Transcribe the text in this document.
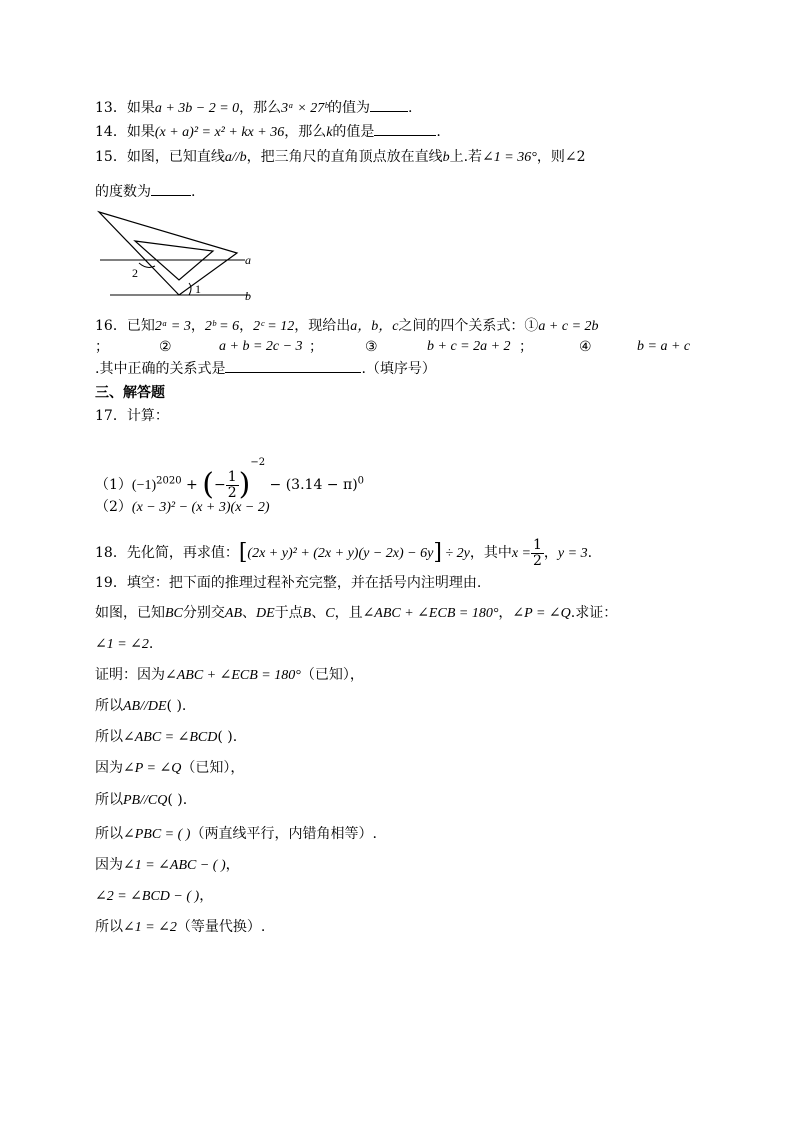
13．如果a + 3b − 2 = 0，那么3ᵃ × 27ᵇ的值为	.
14．如果(x + a)² = x² + kx + 36，那么k的值是	.
15．如图，已知直线a//b，把三角尺的直角顶点放在直线b上.若∠1 = 36°，则∠2
的度数为	.
a
b
1
2
16．已知2ᵃ = 3，2ᵇ = 6，2ᶜ = 12，现给出a，b，c之间的四个关系式：①a + c = 2b
；	②	a + b = 2c − 3 ；	③	b + c = 2a + 2 ；	④	b = a + c
.其中正确的关系式是	.（填序号）
三、解答题
17．计算：
$(1)(-1)^{2020}$ + (− $\frac{1}{2} )^{-2} - (3.14 - \pi)^0$
（2）(x − 3)² − (x + 3)(x − 2)
18．先化简，再求值：[(2x + y)² + (2x + y)(y − 2x) − 6y] ÷ 2y，其中$x = \frac{1}{2}$ ，y = 3.
19．填空：把下面的推理过程补充完整，并在括号内注明理由.
如图，已知BC分别交AB、DE于点B、C，且∠ABC + ∠ECB = 180°，∠P = ∠Q.求证：
∠1 = ∠2.
证明：因为∠ABC + ∠ECB = 180°（已知），
所以AB//DE( ).
所以∠ABC = ∠BCD( ).
因为∠P = ∠Q（已知），
所以PB//CQ( ).
所以∠PBC = ( )（两直线平行，内错角相等）.
因为∠1 = ∠ABC − ( )，
∠2 = ∠BCD − ( )，
所以∠1 = ∠2（等量代换）.
